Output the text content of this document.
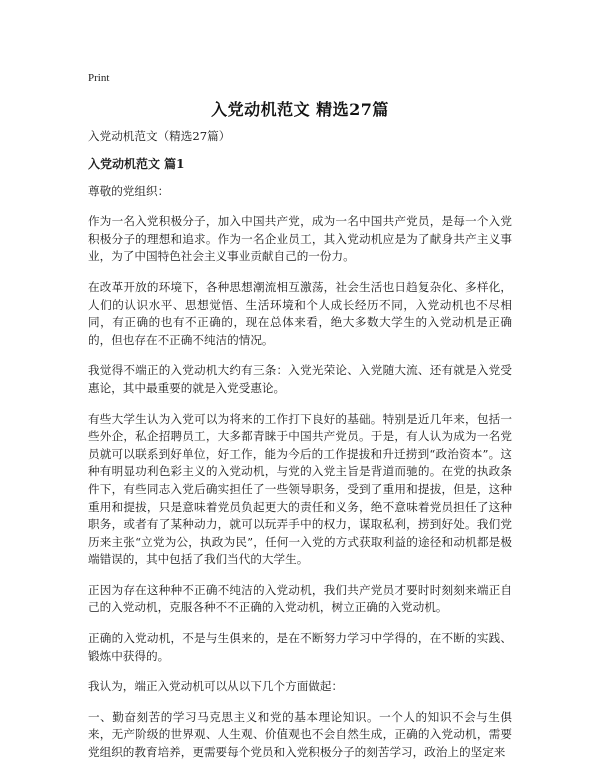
Print
入党动机范文 精选27篇

入党动机范文（精选27篇）

入党动机范文 篇1

尊敬的党组织：

作为一名入党积极分子，加入中国共产党，成为一名中国共产党员，是每一个入党积极分子的理想和追求。作为一名企业员工，其入党动机应是为了献身共产主义事业，为了中国特色社会主义事业贡献自己的一份力。

在改革开放的环境下，各种思想潮流相互激荡，社会生活也日趋复杂化、多样化，人们的认识水平、思想觉悟、生活环境和个人成长经历不同，入党动机也不尽相同，有正确的也有不正确的，现在总体来看，绝大多数大学生的入党动机是正确的，但也存在不正确不纯洁的情况。

我觉得不端正的入党动机大约有三条：入党光荣论、入党随大流、还有就是入党受惠论，其中最重要的就是入党受惠论。

有些大学生认为入党可以为将来的工作打下良好的基础。特别是近几年来，包括一些外企，私企招聘员工，大多都青睐于中国共产党员。于是，有人认为成为一名党员就可以联系到好单位，好工作，能为今后的工作提拔和升迁捞到“政治资本”。这种有明显功利色彩主义的入党动机，与党的入党主旨是背道而驰的。在党的执政条件下，有些同志入党后确实担任了一些领导职务，受到了重用和提拔，但是，这种重用和提拔，只是意味着党员负起更大的责任和义务，绝不意味着党员担任了这种职务，或者有了某种动力，就可以玩弄手中的权力，谋取私利，捞到好处。我们党历来主张“立党为公，执政为民”，任何一入党的方式获取利益的途径和动机都是极端错误的，其中包括了我们当代的大学生。

正因为存在这种种不正确不纯洁的入党动机，我们共产党员才要时时刻刻来端正自己的入党动机，克服各种不不正确的入党动机，树立正确的入党动机。

正确的入党动机，不是与生俱来的，是在不断努力学习中学得的，在不断的实践、锻炼中获得的。

我认为，端正入党动机可以从以下几个方面做起：

一、勤奋刻苦的学习马克思主义和党的基本理论知识。一个人的知识不会与生俱来，无产阶级的世界观、人生观、价值观也不会自然生成，正确的入党动机，需要党组织的教育培养，更需要每个党员和入党积极分子的刻苦学习，政治上的坚定来
